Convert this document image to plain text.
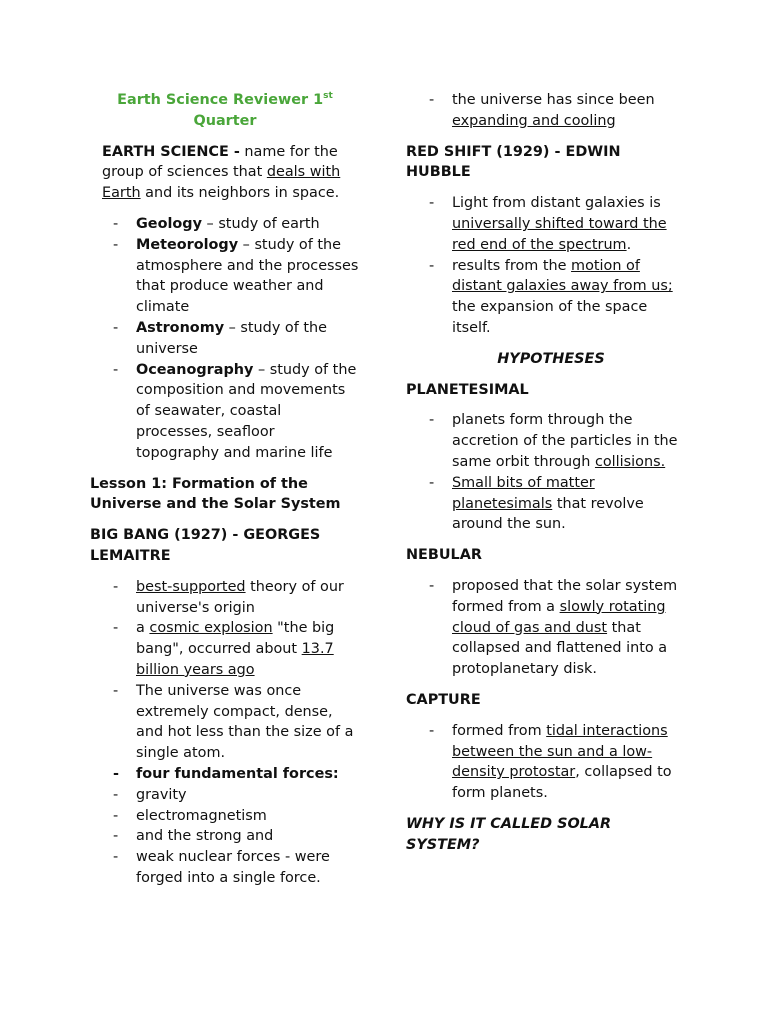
Earth Science Reviewer 1st
Quarter

EARTH SCIENCE - name for the group of sciences that deals with Earth and its neighbors in space.

- Geology – study of earth
- Meteorology – study of the atmosphere and the processes that produce weather and climate
- Astronomy – study of the universe
- Oceanography – study of the composition and movements of seawater, coastal processes, seafloor topography and marine life

Lesson 1: Formation of the Universe and the Solar System

BIG BANG (1927) - GEORGES LEMAITRE

- best-supported theory of our universe's origin
- a cosmic explosion "the big bang", occurred about 13.7 billion years ago
- The universe was once extremely compact, dense, and hot less than the size of a single atom.
- four fundamental forces:
- gravity
- electromagnetism
- and the strong and
- weak nuclear forces - were forged into a single force.
- the universe has since been expanding and cooling

RED SHIFT (1929) - EDWIN HUBBLE

- Light from distant galaxies is universally shifted toward the red end of the spectrum.
- results from the motion of distant galaxies away from us; the expansion of the space itself.

HYPOTHESES

PLANETESIMAL

- planets form through the accretion of the particles in the same orbit through collisions.
- Small bits of matter planetesimals that revolve around the sun.

NEBULAR

- proposed that the solar system formed from a slowly rotating cloud of gas and dust that collapsed and flattened into a protoplanetary disk.

CAPTURE

- formed from tidal interactions between the sun and a low-density protostar, collapsed to form planets.

WHY IS IT CALLED SOLAR SYSTEM?
